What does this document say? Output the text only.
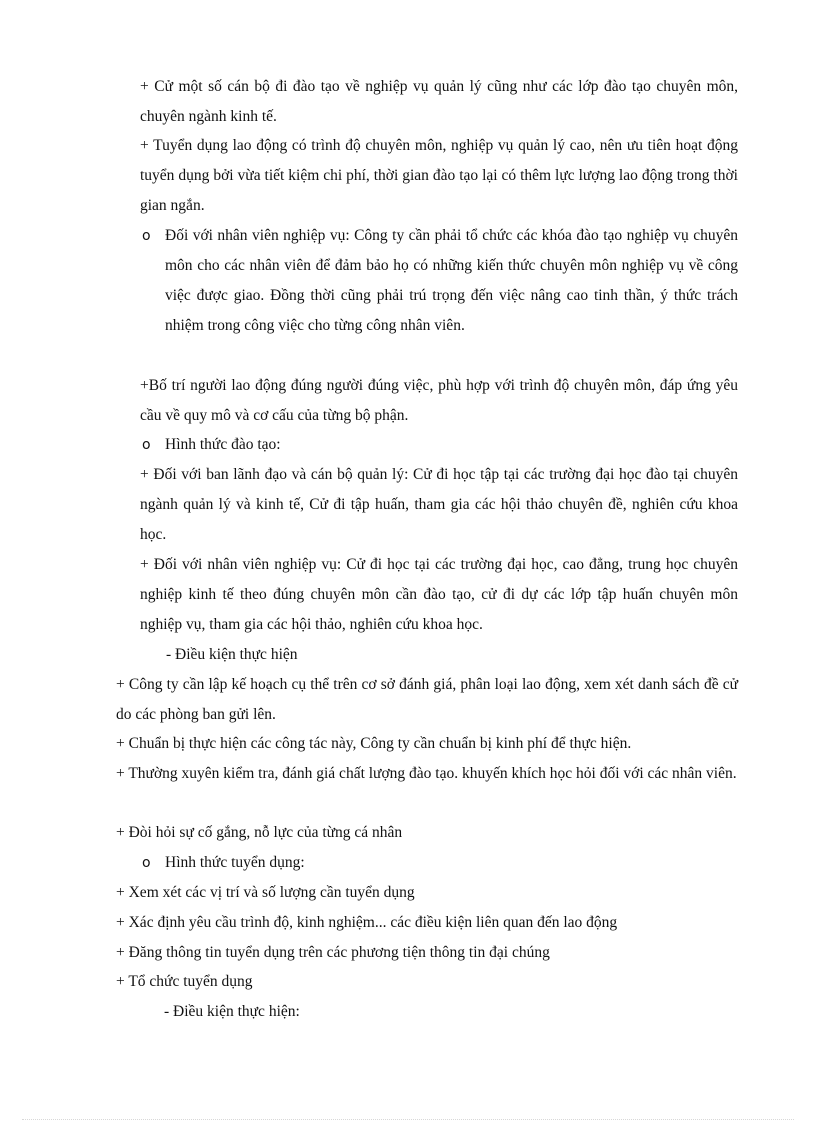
+ Cử một số cán bộ đi đào tạo về nghiệp vụ quản lý cũng như các lớp đào tạo chuyên môn, chuyên ngành kinh tế.

+ Tuyển dụng lao động có trình độ chuyên môn, nghiệp vụ quản lý cao, nên ưu tiên hoạt động tuyển dụng bởi vừa tiết kiệm chi phí, thời gian đào tạo lại có thêm lực lượng lao động trong thời gian ngắn.

o Đối với nhân viên nghiệp vụ: Công ty cần phải tổ chức các khóa đào tạo nghiệp vụ chuyên môn cho các nhân viên để đảm bảo họ có những kiến thức chuyên môn nghiệp vụ về công việc được giao. Đồng thời cũng phải trú trọng đến việc nâng cao tinh thần, ý thức trách nhiệm trong công việc cho từng công nhân viên.

+Bố trí người lao động đúng người đúng việc, phù hợp với trình độ chuyên môn, đáp ứng yêu cầu về quy mô và cơ cấu của từng bộ phận.

o Hình thức đào tạo:

+ Đối với ban lãnh đạo và cán bộ quản lý: Cử đi học tập tại các trường đại học đào tại chuyên ngành quản lý và kinh tế, Cử đi tập huấn, tham gia các hội thảo chuyên đề, nghiên cứu khoa học.

+ Đối với nhân viên nghiệp vụ: Cử đi học tại các trường đại học, cao đẳng, trung học chuyên nghiệp kinh tế theo đúng chuyên môn cần đào tạo, cử đi dự các lớp tập huấn chuyên môn nghiệp vụ, tham gia các hội thảo, nghiên cứu khoa học.

- Điều kiện thực hiện

+ Công ty cần lập kế hoạch cụ thể trên cơ sở đánh giá, phân loại lao động, xem xét danh sách đề cử do các phòng ban gửi lên.

+ Chuẩn bị thực hiện các công tác này, Công ty cần chuẩn bị kinh phí để thực hiện.

+ Thường xuyên kiểm tra, đánh giá chất lượng đào tạo. khuyến khích học hỏi đối với các nhân viên.

+ Đòi hỏi sự cố gắng, nỗ lực của từng cá nhân

o Hình thức tuyển dụng:

+ Xem xét các vị trí và số lượng cần tuyển dụng

+ Xác định yêu cầu trình độ, kinh nghiệm... các điều kiện liên quan đến lao động

+ Đăng thông tin tuyển dụng trên các phương tiện thông tin đại chúng

+ Tổ chức tuyển dụng

- Điều kiện thực hiện:
